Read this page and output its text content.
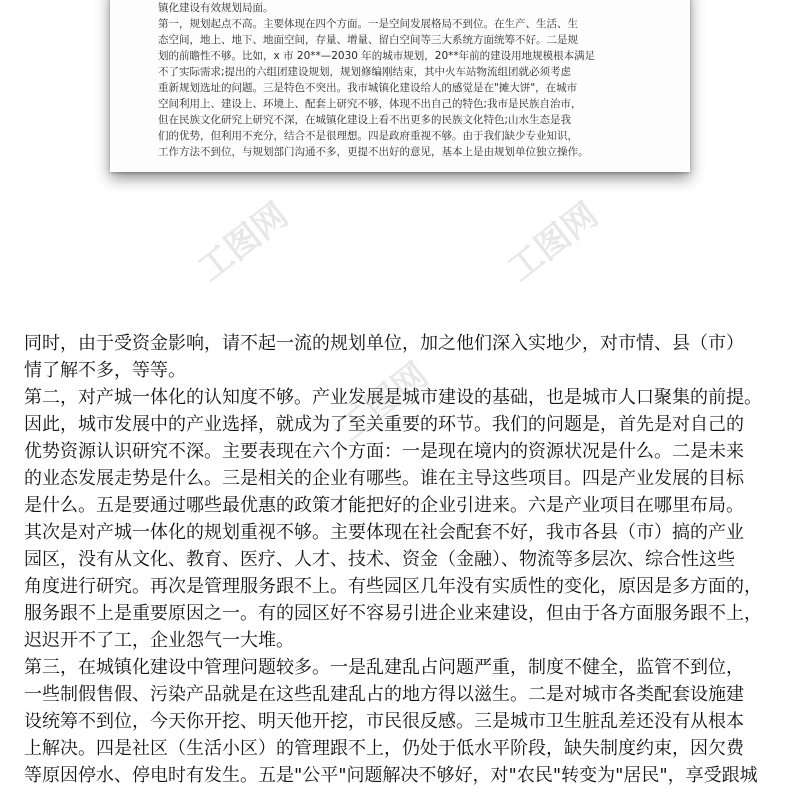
镇化建设有效规划局面。
第一，规划起点不高。主要体现在四个方面。一是空间发展格局不到位。在生产、生活、生
态空间，地上、地下、地面空间，存量、增量、留白空间等三大系统方面统筹不好。二是规
划的前瞻性不够。比如，x 市 20**—2030 年的城市规划，20**年前的建设用地规模根本满足
不了实际需求;提出的六组团建设规划，规划修编刚结束，其中火车站物流组团就必须考虑
重新规划选址的问题。三是特色不突出。我市城镇化建设给人的感觉是在"摊大饼"，在城市
空间利用上、建设上、环境上、配套上研究不够，体现不出自己的特色;我市是民族自治市，
但在民族文化研究上研究不深，在城镇化建设上看不出更多的民族文化特色;山水生态是我
们的优势，但利用不充分，结合不是很理想。四是政府重视不够。由于我们缺少专业知识，
工作方法不到位，与规划部门沟通不多，更提不出好的意见，基本上是由规划单位独立操作。
同时，由于受资金影响，请不起一流的规划单位，加之他们深入实地少，对市情、县（市）
情了解不多，等等。
第二，对产城一体化的认知度不够。产业发展是城市建设的基础，也是城市人口聚集的前提。
因此，城市发展中的产业选择，就成为了至关重要的环节。我们的问题是，首先是对自己的
优势资源认识研究不深。主要表现在六个方面：一是现在境内的资源状况是什么。二是未来
的业态发展走势是什么。三是相关的企业有哪些。谁在主导这些项目。四是产业发展的目标
是什么。五是要通过哪些最优惠的政策才能把好的企业引进来。六是产业项目在哪里布局。
其次是对产城一体化的规划重视不够。主要体现在社会配套不好，我市各县（市）搞的产业
园区，没有从文化、教育、医疗、人才、技术、资金（金融）、物流等多层次、综合性这些
角度进行研究。再次是管理服务跟不上。有些园区几年没有实质性的变化，原因是多方面的，
服务跟不上是重要原因之一。有的园区好不容易引进企业来建设，但由于各方面服务跟不上，
迟迟开不了工，企业怨气一大堆。
第三，在城镇化建设中管理问题较多。一是乱建乱占问题严重，制度不健全，监管不到位，
一些制假售假、污染产品就是在这些乱建乱占的地方得以滋生。二是对城市各类配套设施建
设统筹不到位，今天你开挖、明天他开挖，市民很反感。三是城市卫生脏乱差还没有从根本
上解决。四是社区（生活小区）的管理跟不上，仍处于低水平阶段，缺失制度约束，因欠费
等原因停水、停电时有发生。五是"公平"问题解决不够好，对"农民"转变为"居民"，享受跟城
工图网	工图网
工图网
